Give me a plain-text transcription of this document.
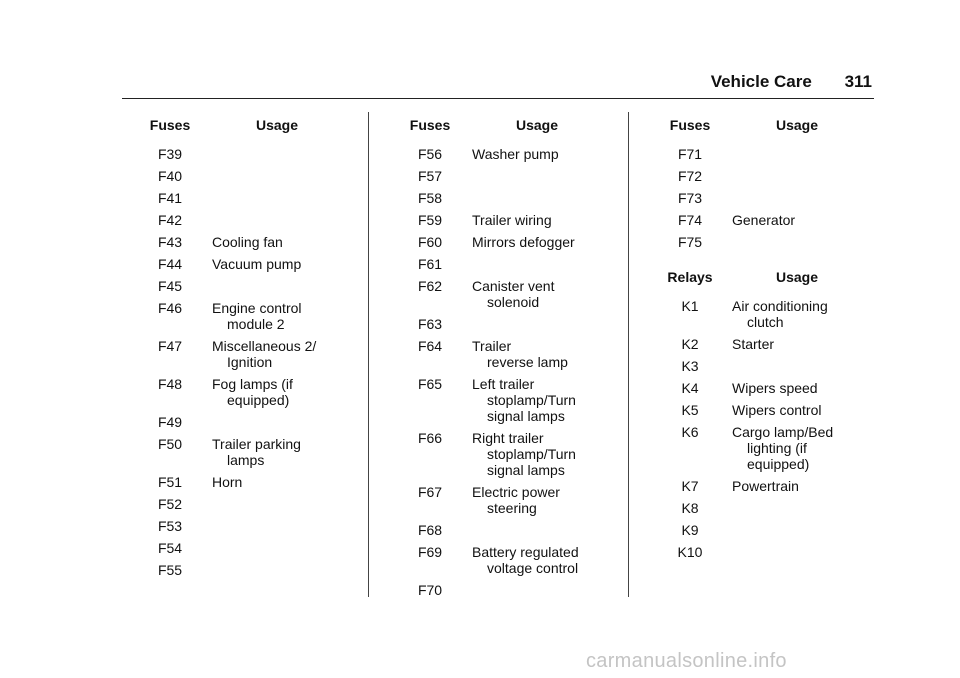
Vehicle Care 311
Fuses	Usage
F39
F40
F41
F42
F43	Cooling fan
F44	Vacuum pump
F45
F46	Engine control
module 2
F47	Miscellaneous 2/
Ignition
F48	Fog lamps (if
equipped)
F49
F50	Trailer parking
lamps
F51	Horn
F52
F53
F54
F55
Fuses	Usage
F56	Washer pump
F57
F58
F59	Trailer wiring
F60	Mirrors defogger
F61
F62	Canister vent
solenoid
F63
F64	Trailer
reverse lamp
F65	Left trailer
stoplamp/Turn
signal lamps
F66	Right trailer
stoplamp/Turn
signal lamps
F67	Electric power
steering
F68
F69	Battery regulated
voltage control
F70
Fuses	Usage
F71
F72
F73
F74	Generator
F75
Relays	Usage
K1	Air conditioning
clutch
K2	Starter
K3
K4	Wipers speed
K5	Wipers control
K6	Cargo lamp/Bed
lighting (if
equipped)
K7	Powertrain
K8
K9
K10
carmanualsonline.info
